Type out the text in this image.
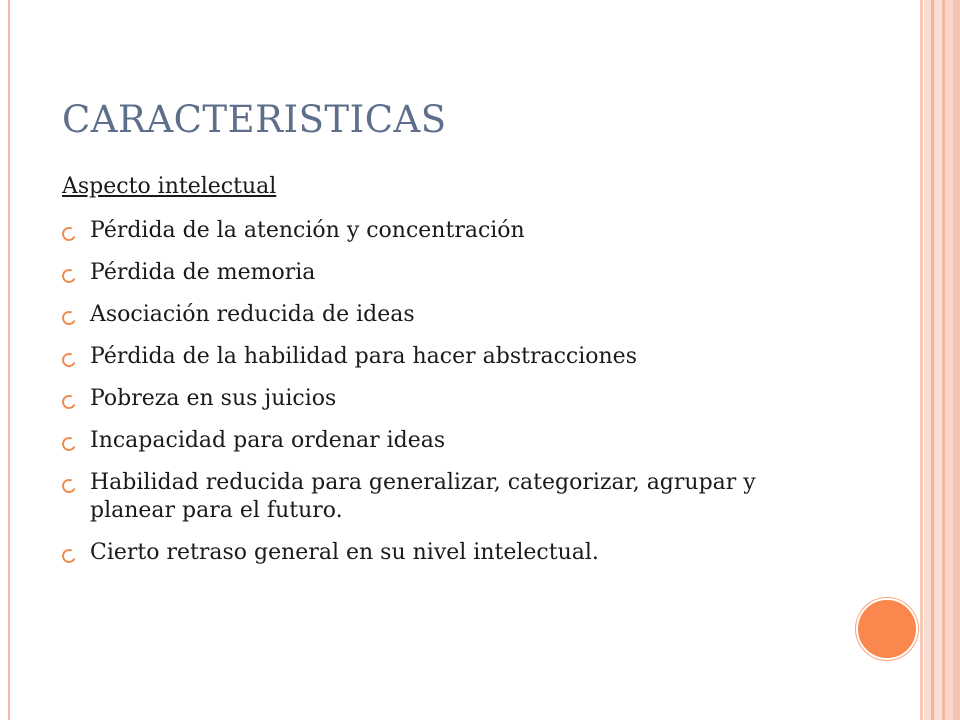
CARACTERISTICAS
Aspecto intelectual
Pérdida de la atención y concentración
Pérdida de memoria
Asociación reducida de ideas
Pérdida de la habilidad para hacer abstracciones
Pobreza en sus juicios
Incapacidad para ordenar ideas
Habilidad reducida para generalizar, categorizar, agrupar y planear para el futuro.
Cierto retraso general en su nivel intelectual.
